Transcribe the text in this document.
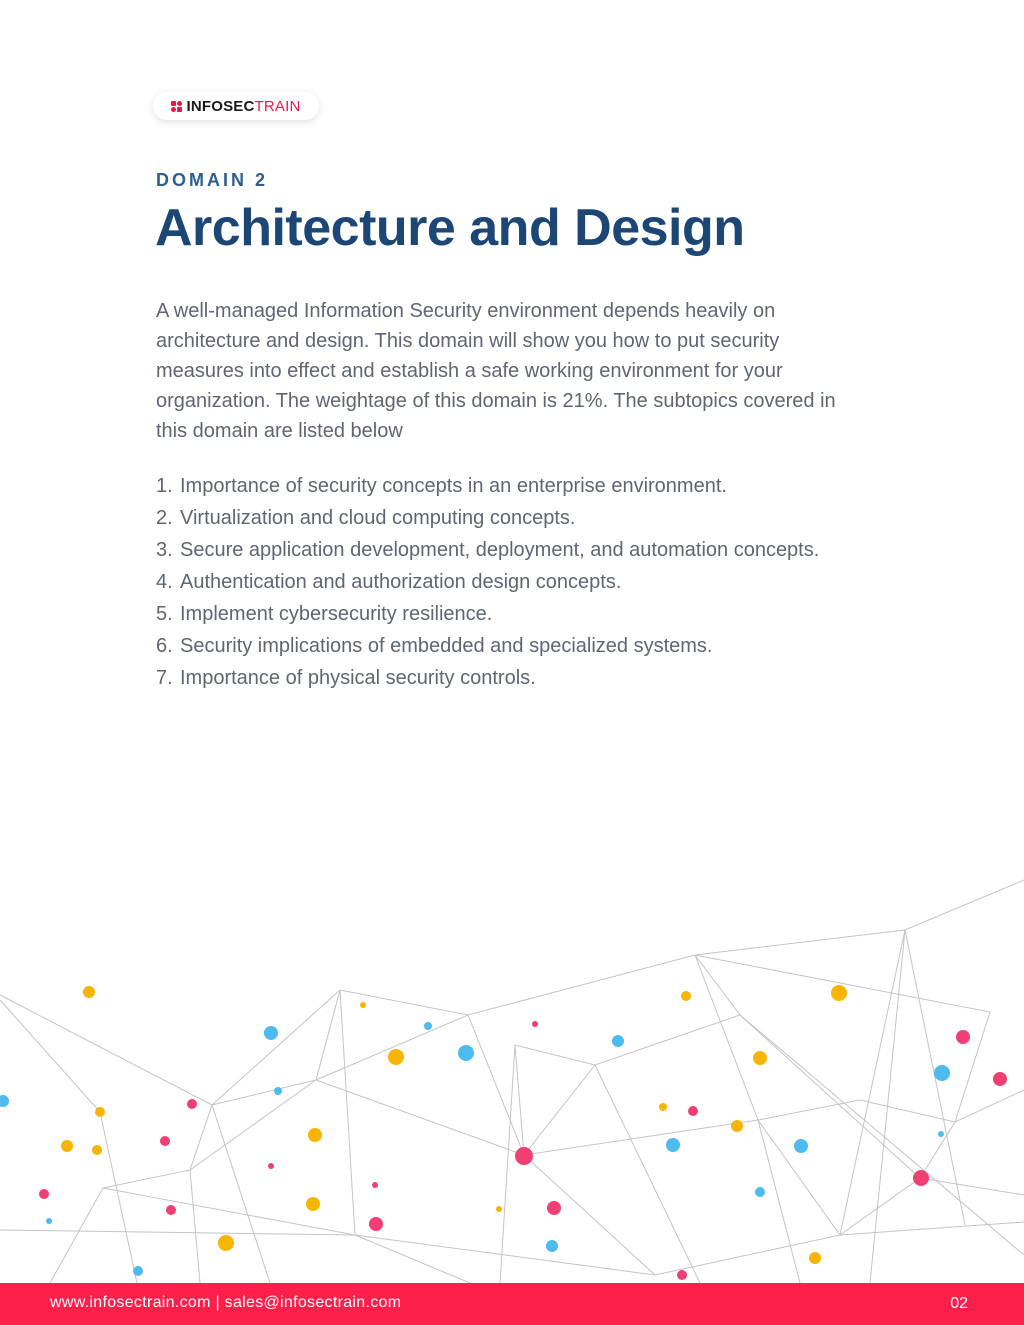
INFOSECTRAIN
DOMAIN 2
Architecture and Design

A well-managed Information Security environment depends heavily on architecture and design. This domain will show you how to put security measures into effect and establish a safe working environment for your organization. The weightage of this domain is 21%. The subtopics covered in this domain are listed below

1. Importance of security concepts in an enterprise environment.
2. Virtualization and cloud computing concepts.
3. Secure application development, deployment, and automation concepts.
4. Authentication and authorization design concepts.
5. Implement cybersecurity resilience.
6. Security implications of embedded and specialized systems.
7. Importance of physical security controls.
www.infosectrain.com | sales@infosectrain.com	02
